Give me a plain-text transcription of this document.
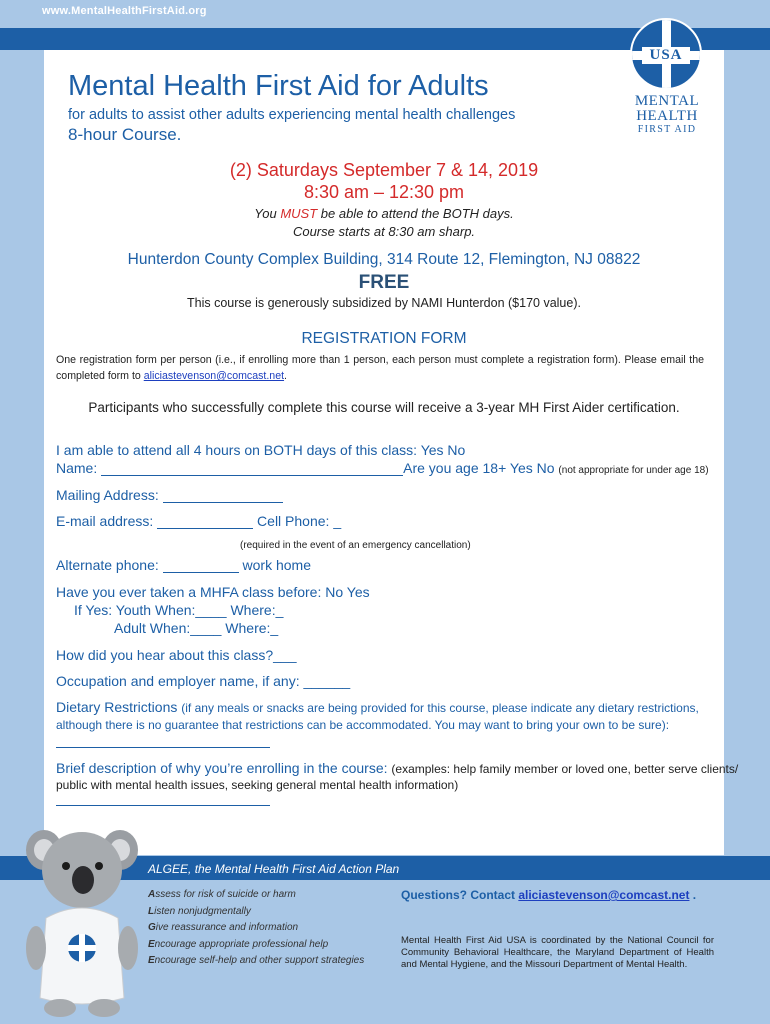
www.MentalHealthFirstAid.org
USA
MENTAL
HEALTH
FIRST AID
Mental Health First Aid for Adults
for adults to assist other adults experiencing mental health challenges
8-hour Course.
(2) Saturdays September 7 & 14, 2019
8:30 am – 12:30 pm
You MUST be able to attend the BOTH days.
Course starts at 8:30 am sharp.
Hunterdon County Complex Building, 314 Route 12, Flemington, NJ 08822
FREE
This course is generously subsidized by NAMI Hunterdon ($170 value).
REGISTRATION FORM
One registration form per person (i.e., if enrolling more than 1 person, each person must complete a registration form). Please email the completed form to aliciastevenson@comcast.net.
Participants who successfully complete this course will receive a 3-year MH First Aider certification.
I am able to attend all 4 hours on BOTH days of this class: Yes No
Name:	Are you age 18+ Yes No (not appropriate for under age 18)
Mailing Address:
E-mail address:	Cell Phone: _
(required in the event of an emergency cancellation)
Alternate phone:	work home
Have you ever taken a MHFA class before: No Yes
If Yes: Youth When:____ Where:_
Adult When:____ Where:_
How did you hear about this class?___
Occupation and employer name, if any: ______
Dietary Restrictions (if any meals or snacks are being provided for this course, please indicate any dietary restrictions,
although there is no guarantee that restrictions can be accommodated. You may want to bring your own to be sure):
Brief description of why you’re enrolling in the course: (examples: help family member or loved one, better serve clients/
public with mental health issues, seeking general mental health information)
ALGEE, the Mental Health First Aid Action Plan
Assess for risk of suicide or harm
Listen nonjudgmentally
Give reassurance and information
Encourage appropriate professional help
Encourage self-help and other support strategies
Questions? Contact aliciastevenson@comcast.net .
Mental Health First Aid USA is coordinated by the National Council for Community Behavioral Healthcare, the Maryland Department of Health and Mental Hygiene, and the Missouri Department of Mental Health.
